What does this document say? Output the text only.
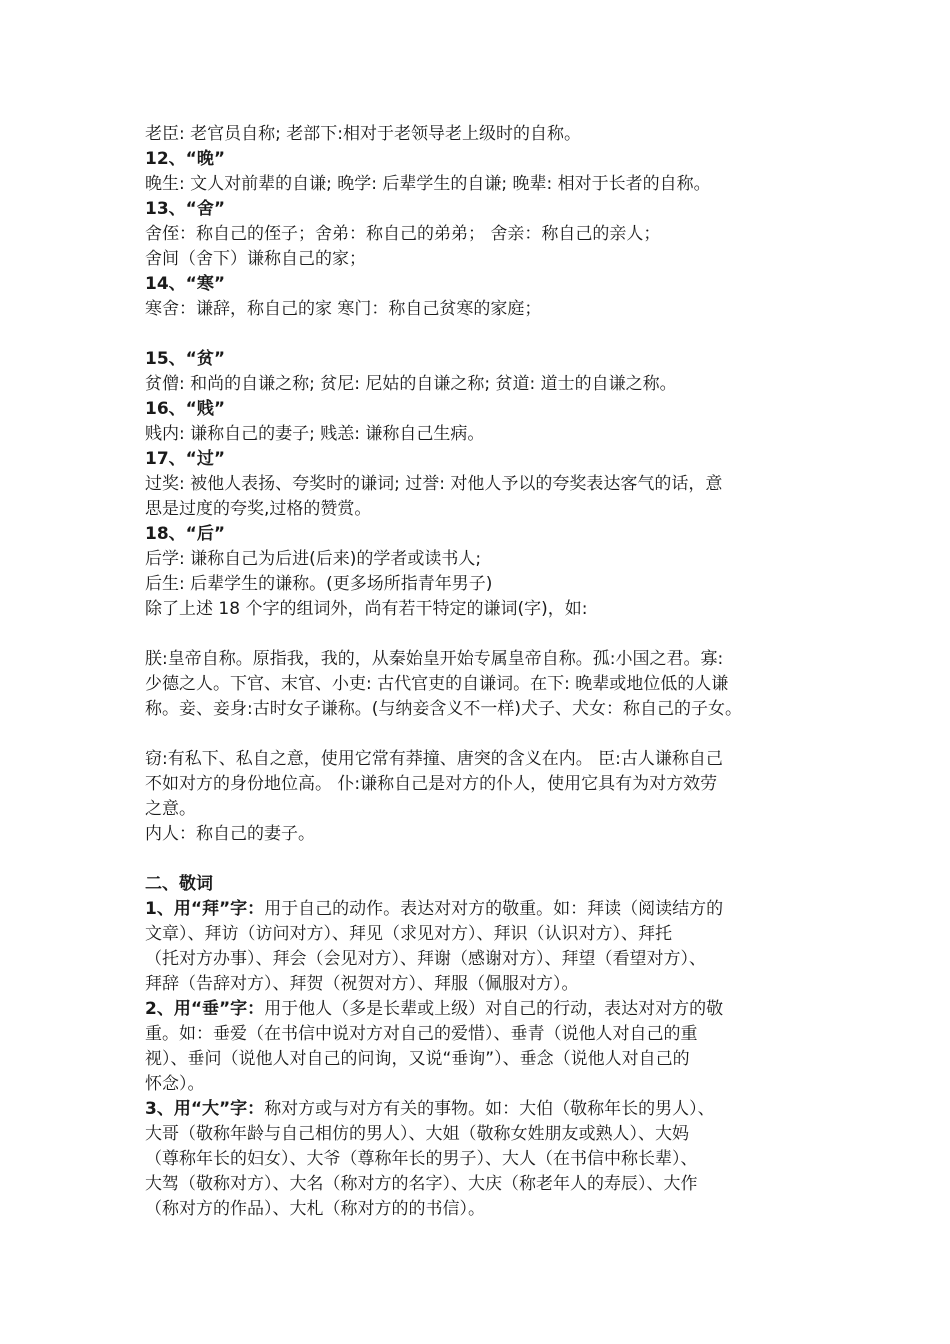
老臣: 老官员自称; 老部下:相对于老领导老上级时的自称。
12、“晚”
晚生: 文人对前辈的自谦; 晚学: 后辈学生的自谦; 晚辈: 相对于长者的自称。
13、“舍”
舍侄：称自己的侄子；舍弟：称自己的弟弟； 舍亲：称自己的亲人；
舍间（舍下）谦称自己的家；
14、“寒”
寒舍：谦辞，称自己的家 寒门：称自己贫寒的家庭；
15、“贫”
贫僧: 和尚的自谦之称; 贫尼: 尼姑的自谦之称; 贫道: 道士的自谦之称。
16、“贱”
贱内: 谦称自己的妻子; 贱恙: 谦称自己生病。
17、“过”
过奖: 被他人表扬、夸奖时的谦词; 过誉: 对他人予以的夸奖表达客气的话，意
思是过度的夸奖,过格的赞赏。
18、“后”
后学: 谦称自己为后进(后来)的学者或读书人;
后生: 后辈学生的谦称。(更多场所指青年男子)
除了上述 18 个字的组词外，尚有若干特定的谦词(字)，如:
朕:皇帝自称。原指我，我的，从秦始皇开始专属皇帝自称。孤:小国之君。寡:
少德之人。下官、末官、小吏: 古代官吏的自谦词。在下: 晚辈或地位低的人谦
称。妾、妾身:古时女子谦称。(与纳妾含义不一样)犬子、犬女：称自己的子女。
窃:有私下、私自之意，使用它常有莽撞、唐突的含义在内。 臣:古人谦称自己
不如对方的身份地位高。 仆:谦称自己是对方的仆人，使用它具有为对方效劳
之意。
内人：称自己的妻子。
二、敬词
1、用“拜”字：用于自己的动作。表达对对方的敬重。如：拜读（阅读结方的
文章）、拜访（访问对方）、拜见（求见对方）、拜识（认识对方）、拜托
（托对方办事）、拜会（会见对方）、拜谢（感谢对方）、拜望（看望对方）、
拜辞（告辞对方）、拜贺（祝贺对方）、拜服（佩服对方）。
2、用“垂”字：用于他人（多是长辈或上级）对自己的行动，表达对对方的敬
重。如：垂爱（在书信中说对方对自己的爱惜）、垂青（说他人对自己的重
视）、垂问（说他人对自己的问询，又说“垂询”）、垂念（说他人对自己的
怀念）。
3、用“大”字：称对方或与对方有关的事物。如：大伯（敬称年长的男人）、
大哥（敬称年龄与自己相仿的男人）、大姐（敬称女姓朋友或熟人）、大妈
（尊称年长的妇女）、大爷（尊称年长的男子）、大人（在书信中称长辈）、
大驾（敬称对方）、大名（称对方的名字）、大庆（称老年人的寿辰）、大作
（称对方的作品）、大札（称对方的的书信）。
